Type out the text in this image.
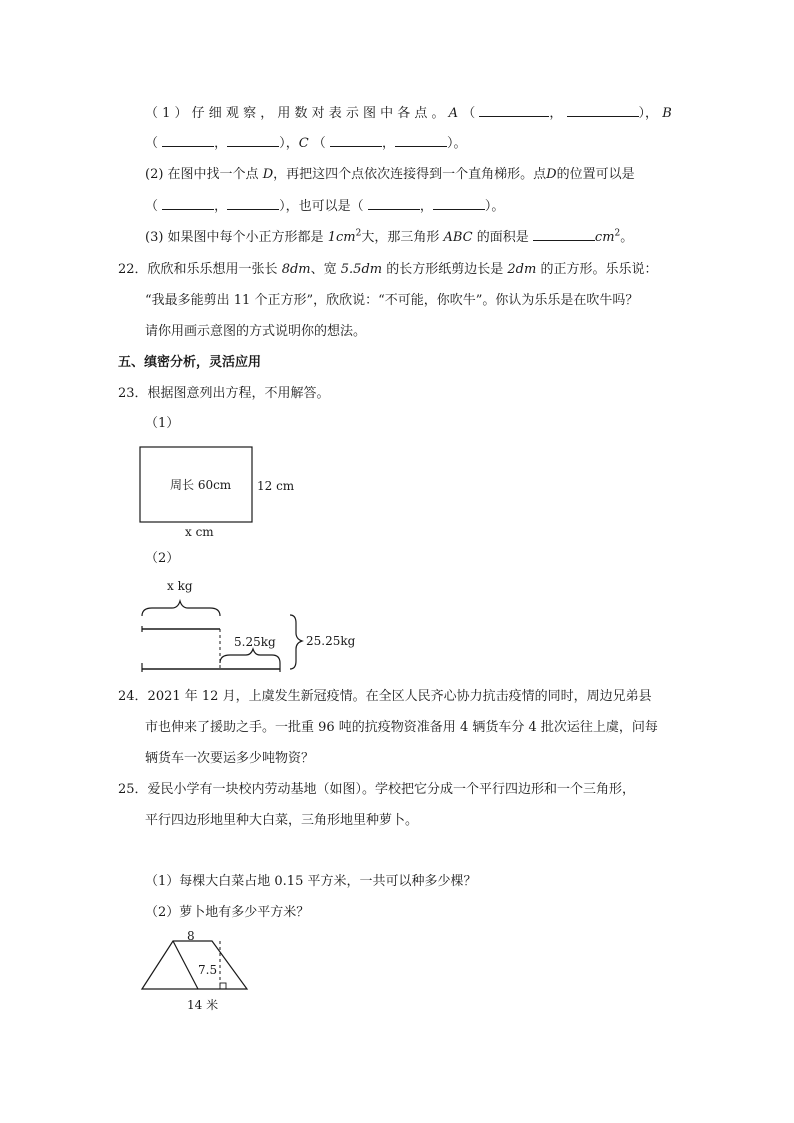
（ 1 ） 仔 细 观 察 ， 用 数 对 表 示 图 中 各 点 。 A （	，	）， B
（	，	），C （	，	）。
(2) 在图中找一个点 D，再把这四个点依次连接得到一个直角梯形。点D的位置可以是
（	，	），也可以是（	，	）。
(3) 如果图中每个小正方形都是 $1cm^2$大，那三角形 ABC 的面积是	$cm^2$。
22．欣欣和乐乐想用一张长 8dm、宽 5.5dm 的长方形纸剪边长是 2dm 的正方形。乐乐说：
“我最多能剪出 11 个正方形”，欣欣说：“不可能，你吹牛”。你认为乐乐是在吹牛吗？
请你用画示意图的方式说明你的想法。
五、缜密分析，灵活应用
23．根据图意列出方程，不用解答。
（1）
周长 60cm 12 cm
x cm
（2）
x kg
5.25kg	25.25kg
24．2021 年 12 月，上虞发生新冠疫情。在全区人民齐心协力抗击疫情的同时，周边兄弟县
市也伸来了援助之手。一批重 96 吨的抗疫物资准备用 4 辆货车分 4 批次运往上虞，问每
辆货车一次要运多少吨物资？
25．爱民小学有一块校内劳动基地（如图）。学校把它分成一个平行四边形和一个三角形，
平行四边形地里种大白菜，三角形地里种萝卜。
（1）每棵大白菜占地 0.15 平方米，一共可以种多少棵？
（2）萝卜地有多少平方米？
8
7.5
14 米
